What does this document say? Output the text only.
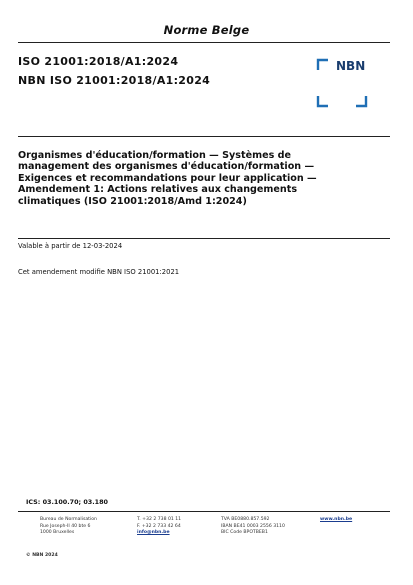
Norme Belge
ISO 21001:2018/A1:2024
NBN ISO 21001:2018/A1:2024
NBN
Organismes d'éducation/formation — Systèmes de management des organismes d'éducation/formation — Exigences et recommandations pour leur application — Amendement 1: Actions relatives aux changements climatiques (ISO 21001:2018/Amd 1:2024)
Valable à partir de 12-03-2024
Cet amendement modifie NBN ISO 21001:2021
ICS: 03.100.70; 03.180
Bureau de Normalisation
Rue Joseph-II 40 bte 6
1000 Bruxelles
T. +32 2 738 01 11
F. +32 2 733 42 64
info@nbn.be
TVA BE0880.857.592
IBAN BE41 0003 2556 3110
BIC Code BPOTBEB1
www.nbn.be
© NBN 2024
